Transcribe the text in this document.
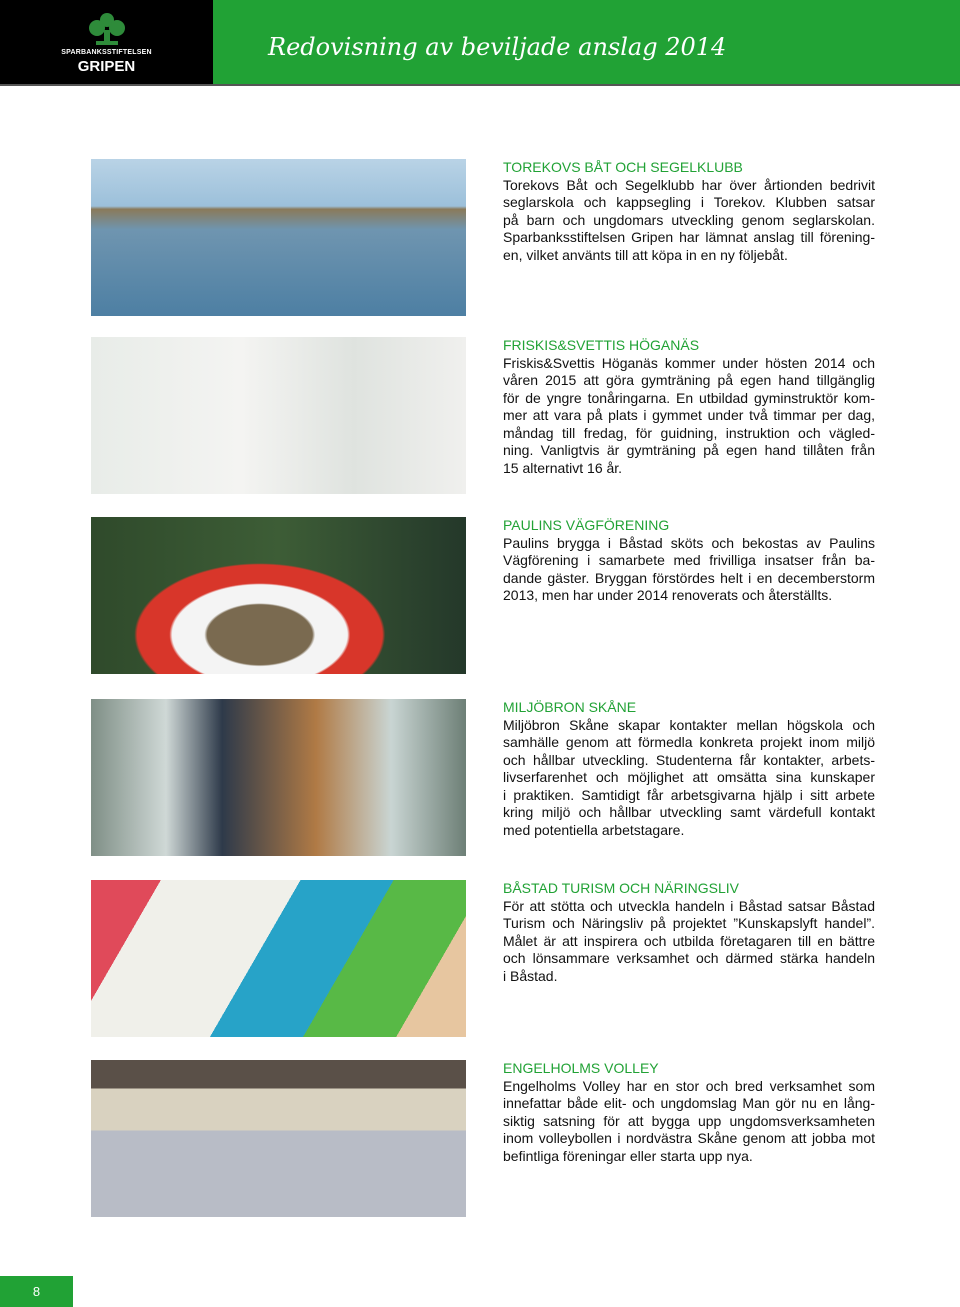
SPARBANKSSTIFTELSEN
GRIPEN
Redovisning av beviljade anslag 2014
TOREKOVS BÅT OCH SEGELKLUBB
Torekovs Båt och Segelklubb har över årtionden bedrivit
seglarskola och kappsegling i Torekov. Klubben satsar
på barn och ungdomars utveckling genom seglarskolan.
Sparbanksstiftelsen Gripen har lämnat anslag till förening-
en, vilket använts till att köpa in en ny följebåt.
FRISKIS&SVETTIS HÖGANÄS
Friskis&Svettis Höganäs kommer under hösten 2014 och
våren 2015 att göra gymträning på egen hand tillgänglig
för de yngre tonåringarna. En utbildad gyminstruktör kom-
mer att vara på plats i gymmet under två timmar per dag,
måndag till fredag, för guidning, instruktion och vägled-
ning. Vanligtvis är gymträning på egen hand tillåten från
15 alternativt 16 år.
PAULINS VÄGFÖRENING
Paulins brygga i Båstad sköts och bekostas av Paulins
Vägförening i samarbete med frivilliga insatser från ba-
dande gäster. Bryggan förstördes helt i en decemberstorm
2013, men har under 2014 renoverats och återställts.
MILJÖBRON SKÅNE
Miljöbron Skåne skapar kontakter mellan högskola och
samhälle genom att förmedla konkreta projekt inom miljö
och hållbar utveckling. Studenterna får kontakter, arbets-
livserfarenhet och möjlighet att omsätta sina kunskaper
i praktiken. Samtidigt får arbetsgivarna hjälp i sitt arbete
kring miljö och hållbar utveckling samt värdefull kontakt
med potentiella arbetstagare.
BÅSTAD TURISM OCH NÄRINGSLIV
För att stötta och utveckla handeln i Båstad satsar Båstad
Turism och Näringsliv på projektet ”Kunskapslyft handel”.
Målet är att inspirera och utbilda företagaren till en bättre
och lönsammare verksamhet och därmed stärka handeln
i Båstad.
ENGELHOLMS VOLLEY
Engelholms Volley har en stor och bred verksamhet som
innefattar både elit- och ungdomslag Man gör nu en lång-
siktig satsning för att bygga upp ungdomsverksamheten
inom volleybollen i nordvästra Skåne genom att jobba mot
befintliga föreningar eller starta upp nya.
8
